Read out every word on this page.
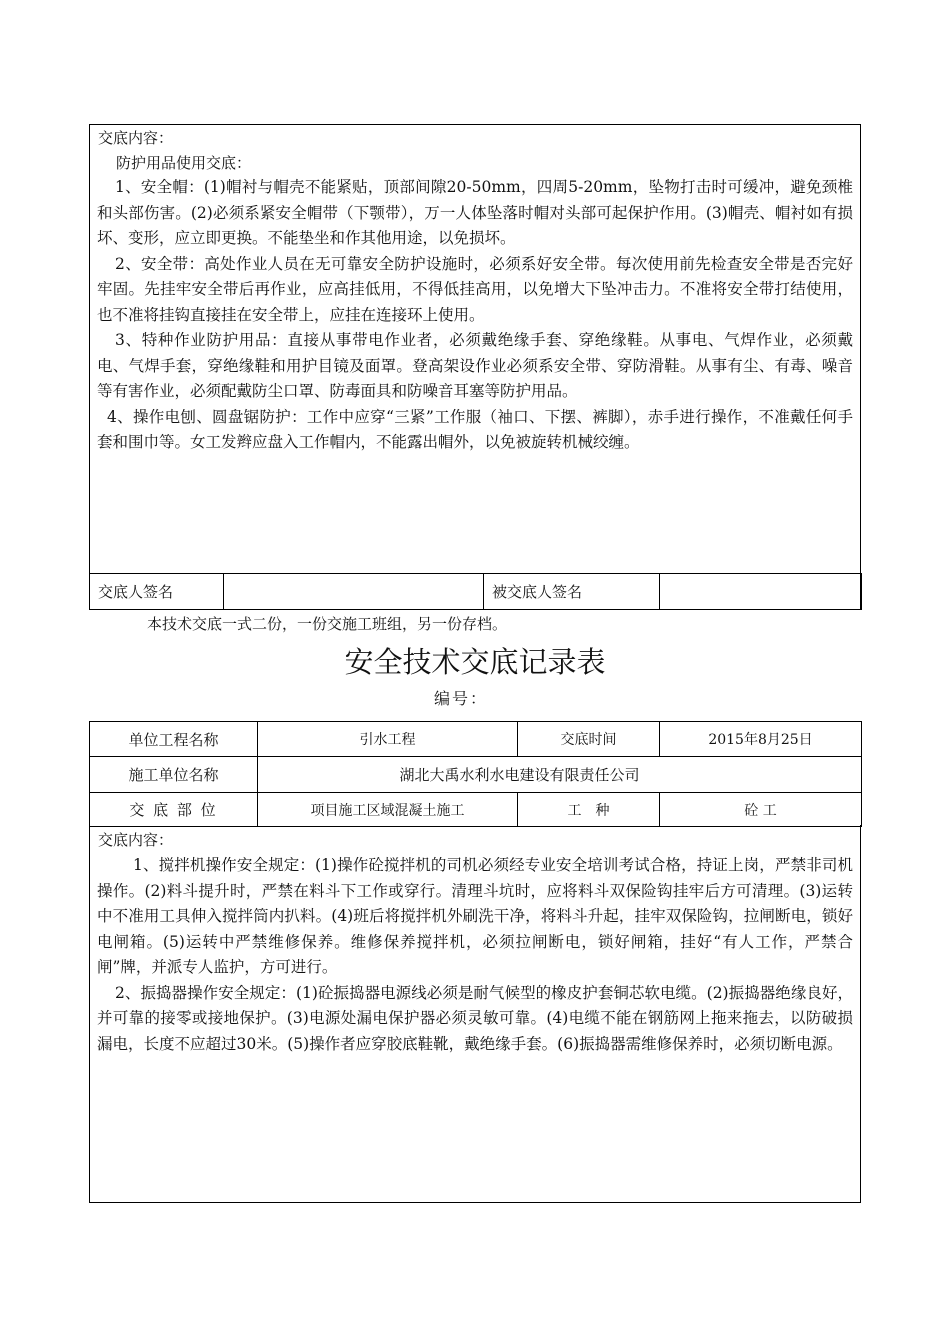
交底内容：
防护用品使用交底：
1、安全帽：(1)帽衬与帽壳不能紧贴，顶部间隙20-50mm，四周5-20mm，坠物打击时可缓冲，避免颈椎和头部伤害。(2)必须系紧安全帽带（下颚带），万一人体坠落时帽对头部可起保护作用。(3)帽壳、帽衬如有损坏、变形，应立即更换。不能垫坐和作其他用途，以免损坏。
2、安全带：高处作业人员在无可靠安全防护设施时，必须系好安全带。每次使用前先检查安全带是否完好牢固。先挂牢安全带后再作业，应高挂低用，不得低挂高用，以免增大下坠冲击力。不准将安全带打结使用，也不准将挂钩直接挂在安全带上，应挂在连接环上使用。
3、特种作业防护用品：直接从事带电作业者，必须戴绝缘手套、穿绝缘鞋。从事电、气焊作业，必须戴电、气焊手套，穿绝缘鞋和用护目镜及面罩。登高架设作业必须系安全带、穿防滑鞋。从事有尘、有毒、噪音等有害作业，必须配戴防尘口罩、防毒面具和防噪音耳塞等防护用品。
4、操作电刨、圆盘锯防护：工作中应穿“三紧”工作服（袖口、下摆、裤脚），赤手进行操作，不准戴任何手套和围巾等。女工发辫应盘入工作帽内，不能露出帽外，以免被旋转机械绞缠。
交底人签名		被交底人签名	
本技术交底一式二份，一份交施工班组，另一份存档。
安全技术交底记录表
编号：
单位工程名称	引水工程	交底时间	2015年8月25日
施工单位名称	湖北大禹水利水电建设有限责任公司		
交 底 部 位	项目施工区域混凝土施工	工　种	砼 工
交底内容：
1、搅拌机操作安全规定：(1)操作砼搅拌机的司机必须经专业安全培训考试合格，持证上岗，严禁非司机操作。(2)料斗提升时，严禁在料斗下工作或穿行。清理斗坑时，应将料斗双保险钩挂牢后方可清理。(3)运转中不准用工具伸入搅拌筒内扒料。(4)班后将搅拌机外刷洗干净，将料斗升起，挂牢双保险钩，拉闸断电，锁好电闸箱。(5)运转中严禁维修保养。维修保养搅拌机，必须拉闸断电，锁好闸箱，挂好“有人工作，严禁合闸”牌，并派专人监护，方可进行。
2、振捣器操作安全规定：(1)砼振捣器电源线必须是耐气候型的橡皮护套铜芯软电缆。(2)振捣器绝缘良好，并可靠的接零或接地保护。(3)电源处漏电保护器必须灵敏可靠。(4)电缆不能在钢筋网上拖来拖去，以防破损漏电，长度不应超过30米。(5)操作者应穿胶底鞋靴，戴绝缘手套。(6)振捣器需维修保养时，必须切断电源。
